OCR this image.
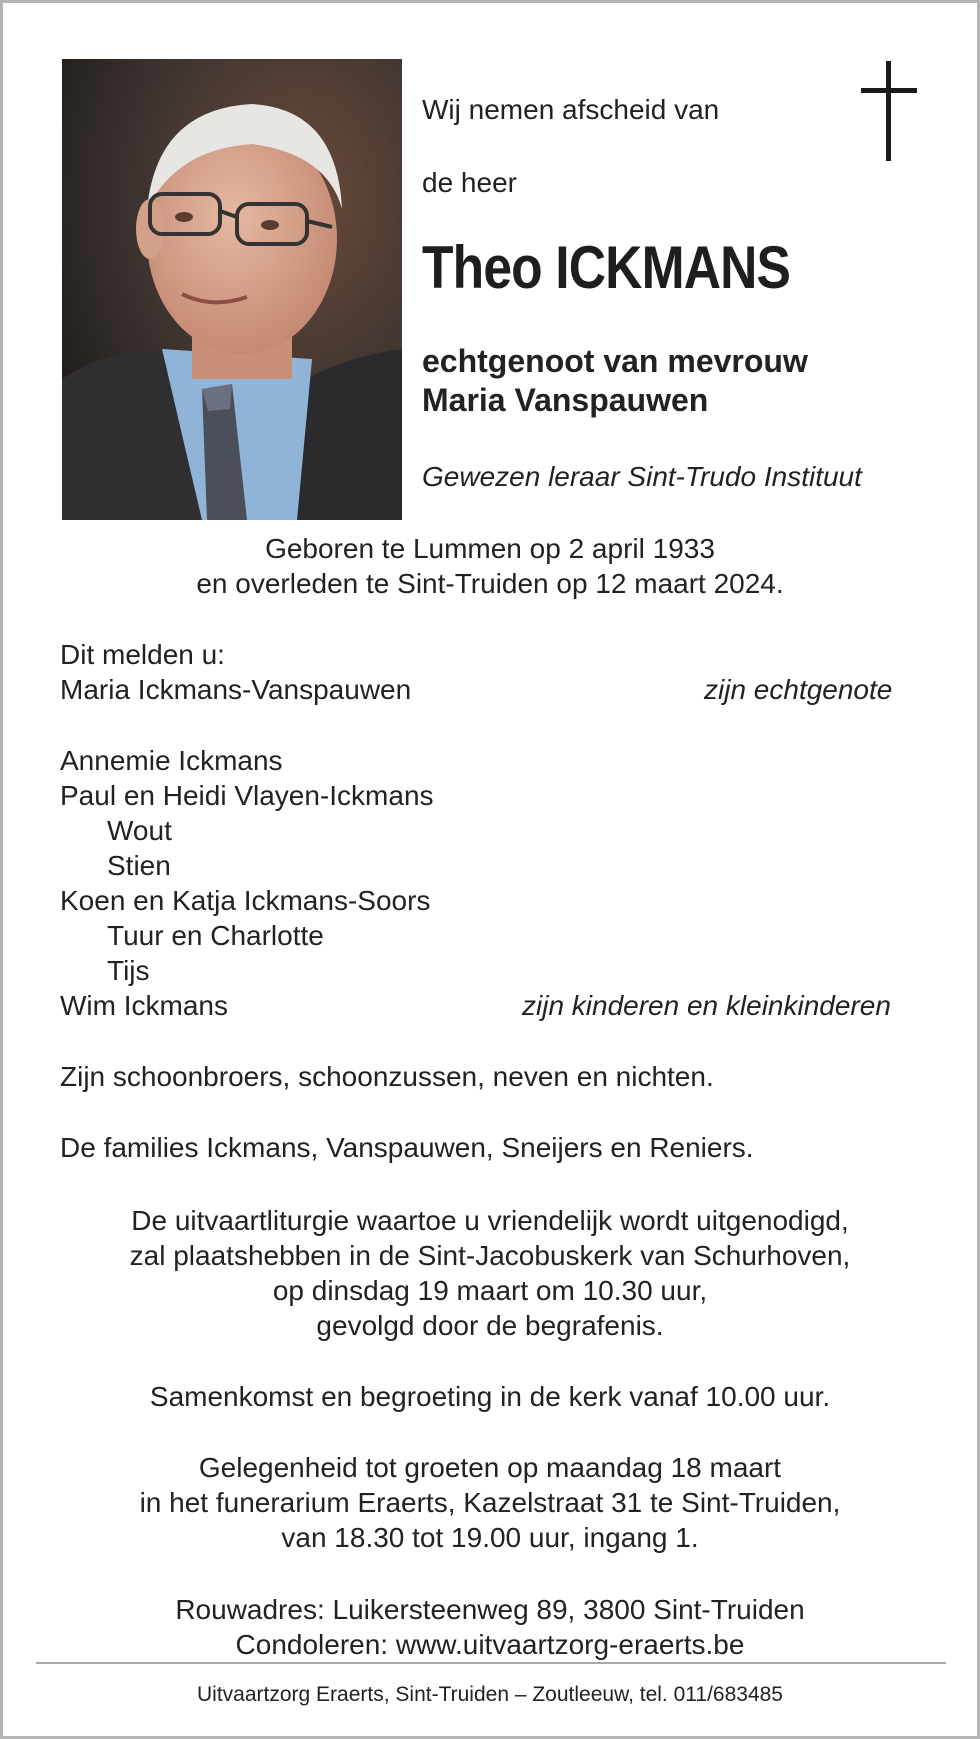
Wij nemen afscheid van

de heer

Theo ICKMANS

echtgenoot van mevrouw
Maria Vanspauwen

Gewezen leraar Sint-Trudo Instituut

Geboren te Lummen op 2 april 1933
en overleden te Sint-Truiden op 12 maart 2024.

Dit melden u:

Maria Ickmans-Vanspauwen	zijn echtgenote

Annemie Ickmans

Paul en Heidi Vlayen-Ickmans

Wout

Stien

Koen en Katja Ickmans-Soors

Tuur en Charlotte

Tijs

Wim Ickmans	zijn kinderen en kleinkinderen

Zijn schoonbroers, schoonzussen, neven en nichten.

De families Ickmans, Vanspauwen, Sneijers en Reniers.

De uitvaartliturgie waartoe u vriendelijk wordt uitgenodigd,
zal plaatshebben in de Sint-Jacobuskerk van Schurhoven,
op dinsdag 19 maart om 10.30 uur,
gevolgd door de begrafenis.

Samenkomst en begroeting in de kerk vanaf 10.00 uur.

Gelegenheid tot groeten op maandag 18 maart
in het funerarium Eraerts, Kazelstraat 31 te Sint-Truiden,
van 18.30 tot 19.00 uur, ingang 1.

Rouwadres: Luikersteenweg 89, 3800 Sint-Truiden
Condoleren: www.uitvaartzorg-eraerts.be

Uitvaartzorg Eraerts, Sint-Truiden – Zoutleeuw, tel. 011/683485
